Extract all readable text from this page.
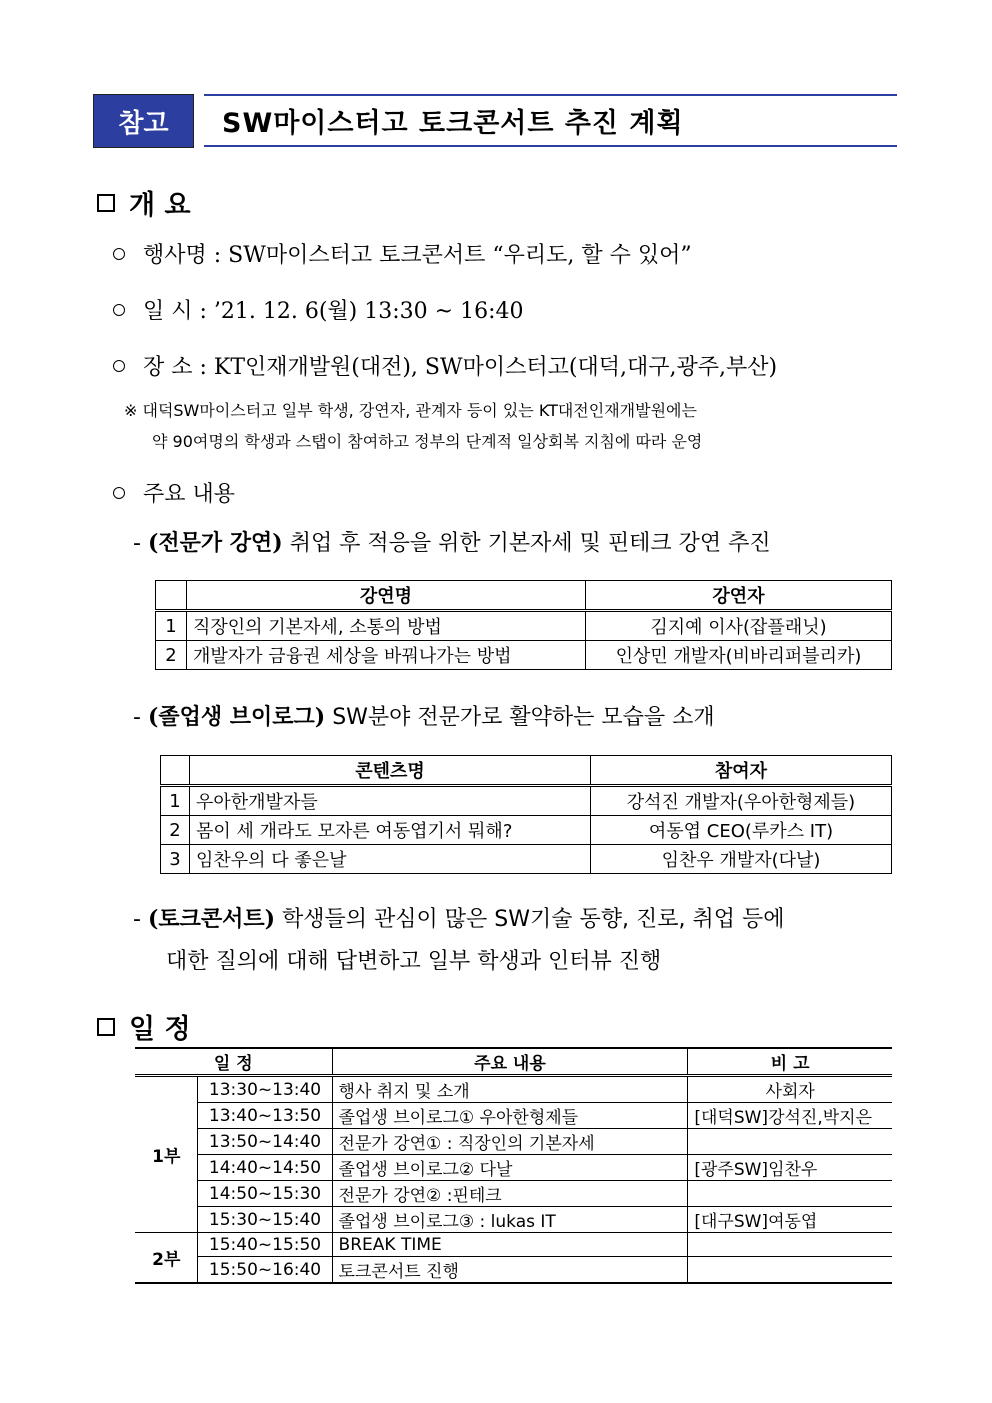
참고	SW마이스터고 토크콘서트 추진 계획
개 요
행사명 : SW마이스터고 토크콘서트 “우리도, 할 수 있어”
일 시 : ’21. 12. 6(월) 13:30 ~ 16:40
장 소 : KT인재개발원(대전), SW마이스터고(대덕,대구,광주,부산)
※ 대덕SW마이스터고 일부 학생, 강연자, 관계자 등이 있는 KT대전인재개발원에는
약 90여명의 학생과 스탭이 참여하고 정부의 단계적 일상회복 지침에 따라 운영
주요 내용
- (전문가 강연) 취업 후 적응을 위한 기본자세 및 핀테크 강연 추진
	강연명	강연자
1	직장인의 기본자세, 소통의 방법	김지예 이사(잡플래닛)
2	개발자가 금융권 세상을 바꿔나가는 방법	인상민 개발자(비바리퍼블리카)
- (졸업생 브이로그) SW분야 전문가로 활약하는 모습을 소개
	콘텐츠명	참여자
1	우아한개발자들	강석진 개발자(우아한형제들)
2	몸이 세 개라도 모자른 여동엽기서 뭐해?	여동엽 CEO(루카스 IT)
3	임찬우의 다 좋은날	임찬우 개발자(다날)
- (토크콘서트) 학생들의 관심이 많은 SW기술 동향, 진로, 취업 등에
대한 질의에 대해 답변하고 일부 학생과 인터뷰 진행
일 정
일 정		주요 내용	비 고
1부	13:30~13:40	행사 취지 및 소개	사회자
	13:40~13:50	졸업생 브이로그① 우아한형제들	[대덕SW]강석진,박지은
	13:50~14:40	전문가 강연① : 직장인의 기본자세	
	14:40~14:50	졸업생 브이로그② 다날	[광주SW]임찬우
	14:50~15:30	전문가 강연② :핀테크	
	15:30~15:40	졸업생 브이로그③ : lukas IT	[대구SW]여동엽
2부	15:40~15:50	BREAK TIME	
	15:50~16:40	토크콘서트 진행	
